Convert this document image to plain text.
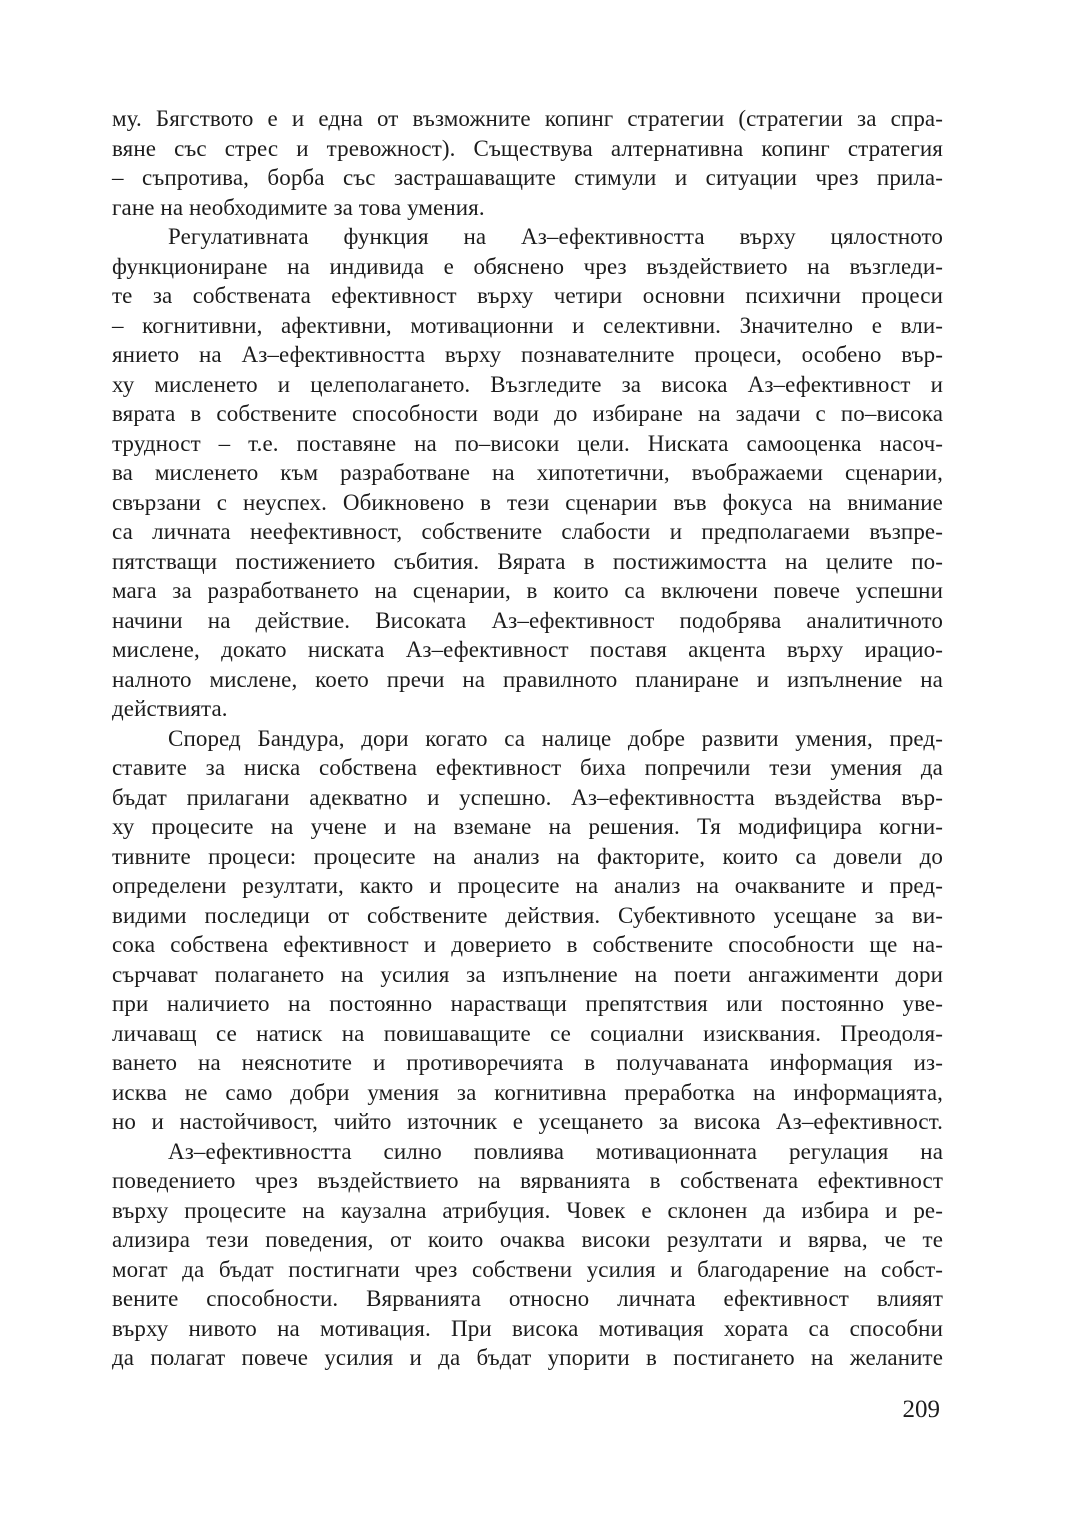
му. Бягството е и една от възможните копинг стратегии (стратегии за спра-
вяне със стрес и тревожност). Съществува алтернативна копинг стратегия
– съпротива, борба със застрашаващите стимули и ситуации чрез прила-
гане на необходимите за това умения.
Регулативната функция на Аз–ефективността върху цялостното
функциониране на индивида е обяснено чрез въздействието на възгледи-
те за собствената ефективност върху четири основни психични процеси
– когнитивни, афективни, мотивационни и селективни. Значително е вли-
янието на Аз–ефективността върху познавателните процеси, особено вър-
ху мисленето и целеполагането. Възгледите за висока Аз–ефективност и
вярата в собствените способности води до избиране на задачи с по–висока
трудност – т.е. поставяне на по–високи цели. Ниската самооценка насоч-
ва мисленето към разработване на хипотетични, въображаеми сценарии,
свързани с неуспех. Обикновено в тези сценарии във фокуса на внимание
са личната неефективност, собствените слабости и предполагаеми възпре-
пятстващи постижението събития. Вярата в постижимостта на целите по-
мага за разработването на сценарии, в които са включени повече успешни
начини на действие. Високата Аз–ефективност подобрява аналитичното
мислене, докато ниската Аз–ефективност поставя акцента върху ирацио-
налното мислене, което пречи на правилното планиране и изпълнение на
действията.
Според Бандура, дори когато са налице добре развити умения, пред-
ставите за ниска собствена ефективност биха попречили тези умения да
бъдат прилагани адекватно и успешно. Аз–ефективността въздейства вър-
ху процесите на учене и на вземане на решения. Тя модифицира когни-
тивните процеси: процесите на анализ на факторите, които са довели до
определени резултати, както и процесите на анализ на очакваните и пред-
видими последици от собствените действия. Субективното усещане за ви-
сока собствена ефективност и доверието в собствените способности ще на-
сърчават полагането на усилия за изпълнение на поети ангажименти дори
при наличието на постоянно нарастващи препятствия или постоянно уве-
личаващ се натиск на повишаващите се социални изисквания. Преодоля-
ването на неяснотите и противоречията в получаваната информация из-
исква не само добри умения за когнитивна преработка на информацията,
но и настойчивост, чийто източник е усещането за висока Аз–ефективност.
Аз–ефективността силно повлиява мотивационната регулация на
поведението чрез въздействието на вярванията в собствената ефективност
върху процесите на каузална атрибуция. Човек е склонен да избира и ре-
ализира тези поведения, от които очаква високи резултати и вярва, че те
могат да бъдат постигнати чрез собствени усилия и благодарение на собст-
вените способности. Вярванията относно личната ефективност влияят
върху нивото на мотивация. При висока мотивация хората са способни
да полагат повече усилия и да бъдат упорити в постигането на желаните
209
